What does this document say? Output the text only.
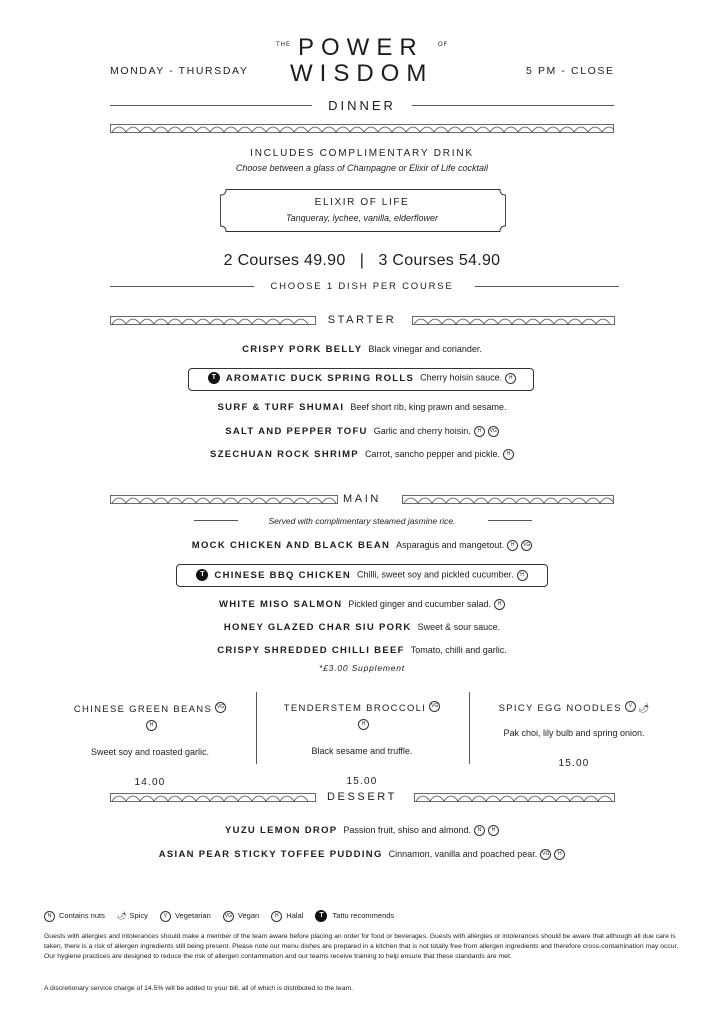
MONDAY - THURSDAY	5 PM - CLOSE
THE POWER OF
WISDOM
DINNER
INCLUDES COMPLIMENTARY DRINK
Choose between a glass of Champagne or Elixir of Life cocktail
ELIXIR OF LIFE
Tanqueray, lychee, vanilla, elderflower
2 Courses 49.90   |   3 Courses 54.90
CHOOSE 1 DISH PER COURSE
STARTER
CRISPY PORK BELLY Black vinegar and coriander.
T AROMATIC DUCK SPRING ROLLS Cherry hoisin sauce. H
SURF & TURF SHUMAI Beef short rib, king prawn and sesame.
SALT AND PEPPER TOFU Garlic and cherry hoisin. H VG
SZECHUAN ROCK SHRIMP Carrot, sancho pepper and pickle. H
MAIN
Served with complimentary steamed jasmine rice.
MOCK CHICKEN AND BLACK BEAN Asparagus and mangetout. H VG
T CHINESE BBQ CHICKEN Chilli, sweet soy and pickled cucumber. H
WHITE MISO SALMON Pickled ginger and cucumber salad. H
HONEY GLAZED CHAR SIU PORK Sweet & sour sauce.
CRISPY SHREDDED CHILLI BEEF Tomato, chilli and garlic.
*£3.00 Supplement
CHINESE GREEN BEANS VGH
Sweet soy and roasted garlic.
14.00
TENDERSTEM BROCCOLI VGH
Black sesame and truffle.
15.00
SPICY EGG NOODLES V 🌶
Pak choi, lily bulb and spring onion.
15.00
DESSERT
YUZU LEMON DROP Passion fruit, shiso and almond. N H
ASIAN PEAR STICKY TOFFEE PUDDING Cinnamon, vanilla and poached pear. VG H
N Contains nuts 🌶 Spicy	V Vegetarian	VG Vegan	H Halal T Tattu recommends
Guests with allergies and intolerances should make a member of the team aware before placing an order for food or beverages. Guests with allergies or intolerances should be aware that although all due care is taken, there is a risk of allergen ingredients still being present. Please note our menu dishes are prepared in a kitchen that is not totally free from allergen ingredients and therefore cross-contamination may occur. Our hygiene practices are designed to reduce the risk of allergen contamination and our teams receive training to help ensure that these standards are met.
A discretionary service charge of 14.5% will be added to your bill, all of which is distributed to the team.
